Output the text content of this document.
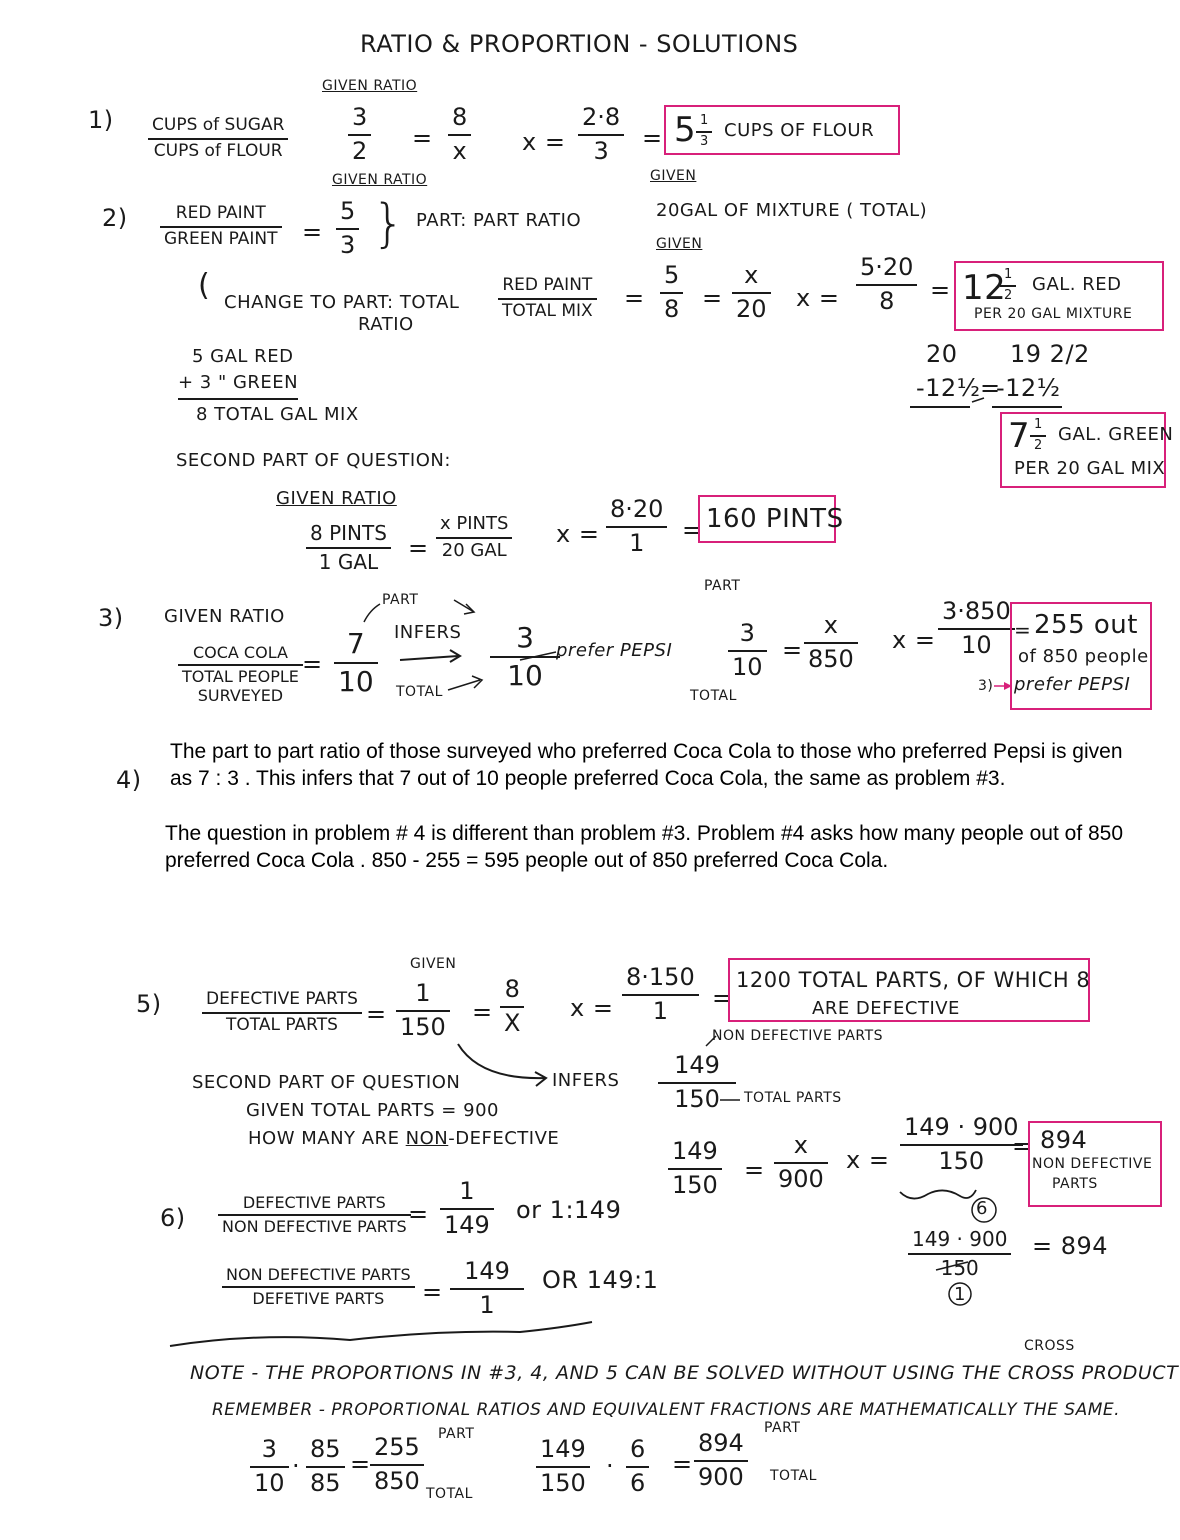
RATIO & PROPORTION - SOLUTIONS
1)
GIVEN RATIO
CUPS of SUGAR
CUPS of FLOUR
3
2 =
8
x x =
2·8
3 = 5 1
3
CUPS OF FLOUR
2)
GIVEN RATIO
RED PAINT
GREEN PAINT =
5
3 } PART: PART RATIO
GIVEN
20GAL OF MIXTURE ( TOTAL)
GIVEN
( CHANGE TO PART: TOTAL
RATIO
RED PAINT
TOTAL MIX =
5
8 =
x
20 x =
5·20
8 = 12
1
2
GAL. RED
PER 20 GAL MIXTURE
5 GAL RED
+ 3 " GREEN
8 TOTAL GAL MIX
20
-12½
19 2/2
=
-12½
7 1
2
GAL. GREEN
PER 20 GAL MIX
SECOND PART OF QUESTION:
GIVEN RATIO
8 PINTS
1 GAL =
x PINTS
20 GAL
x =
8·20
1 = 160 PINTS
3) GIVEN RATIO
COCA COLA
TOTAL PEOPLE
SURVEYED
=
PART
7
10
INFERS
TOTAL
3
10
prefer PEPSI
PART
3
10
TOTAL
=
x
850
x =
3·850
10
= 255 out
of 850 people
3) prefer PEPSI
4)
The part to part ratio of those surveyed who preferred Coca Cola to those who preferred Pepsi is given as 7 : 3 . This infers that 7 out of 10 people preferred Coca Cola, the same as problem #3.
The question in problem # 4 is different than problem #3. Problem #4 asks how many people out of 850 preferred Coca Cola . 850 - 255 = 595 people out of 850 preferred Coca Cola.
5)
GIVEN
DEFECTIVE PARTS
TOTAL PARTS =
1
150
=
8
X
x =
8·150
1 =
1200 TOTAL PARTS, OF WHICH 8
ARE DEFECTIVE
NON DEFECTIVE PARTS
INFERS
149
150 TOTAL PARTS
SECOND PART OF QUESTION
GIVEN TOTAL PARTS = 900
HOW MANY ARE NON-DEFECTIVE	149
150
=
x
900
x =
149 · 900
150
6
= 894
NON DEFECTIVE
PARTS
149 · 900
150
1
= 894
6)
DEFECTIVE PARTS
NON DEFECTIVE PARTS =
1
149
or 1:149
NON DEFECTIVE PARTS
DEFETIVE PARTS =
149
1
OR 149:1
CROSS
NOTE - THE PROPORTIONS IN #3, 4, AND 5 CAN BE SOLVED WITHOUT USING THE CROSS PRODUCT
REMEMBER - PROPORTIONAL RATIOS AND EQUIVALENT FRACTIONS ARE MATHEMATICALLY THE SAME.
3
10
·
85
85
=
255
850
PART
TOTAL
149
150
·
6
6
=
894
900
PART
TOTAL
